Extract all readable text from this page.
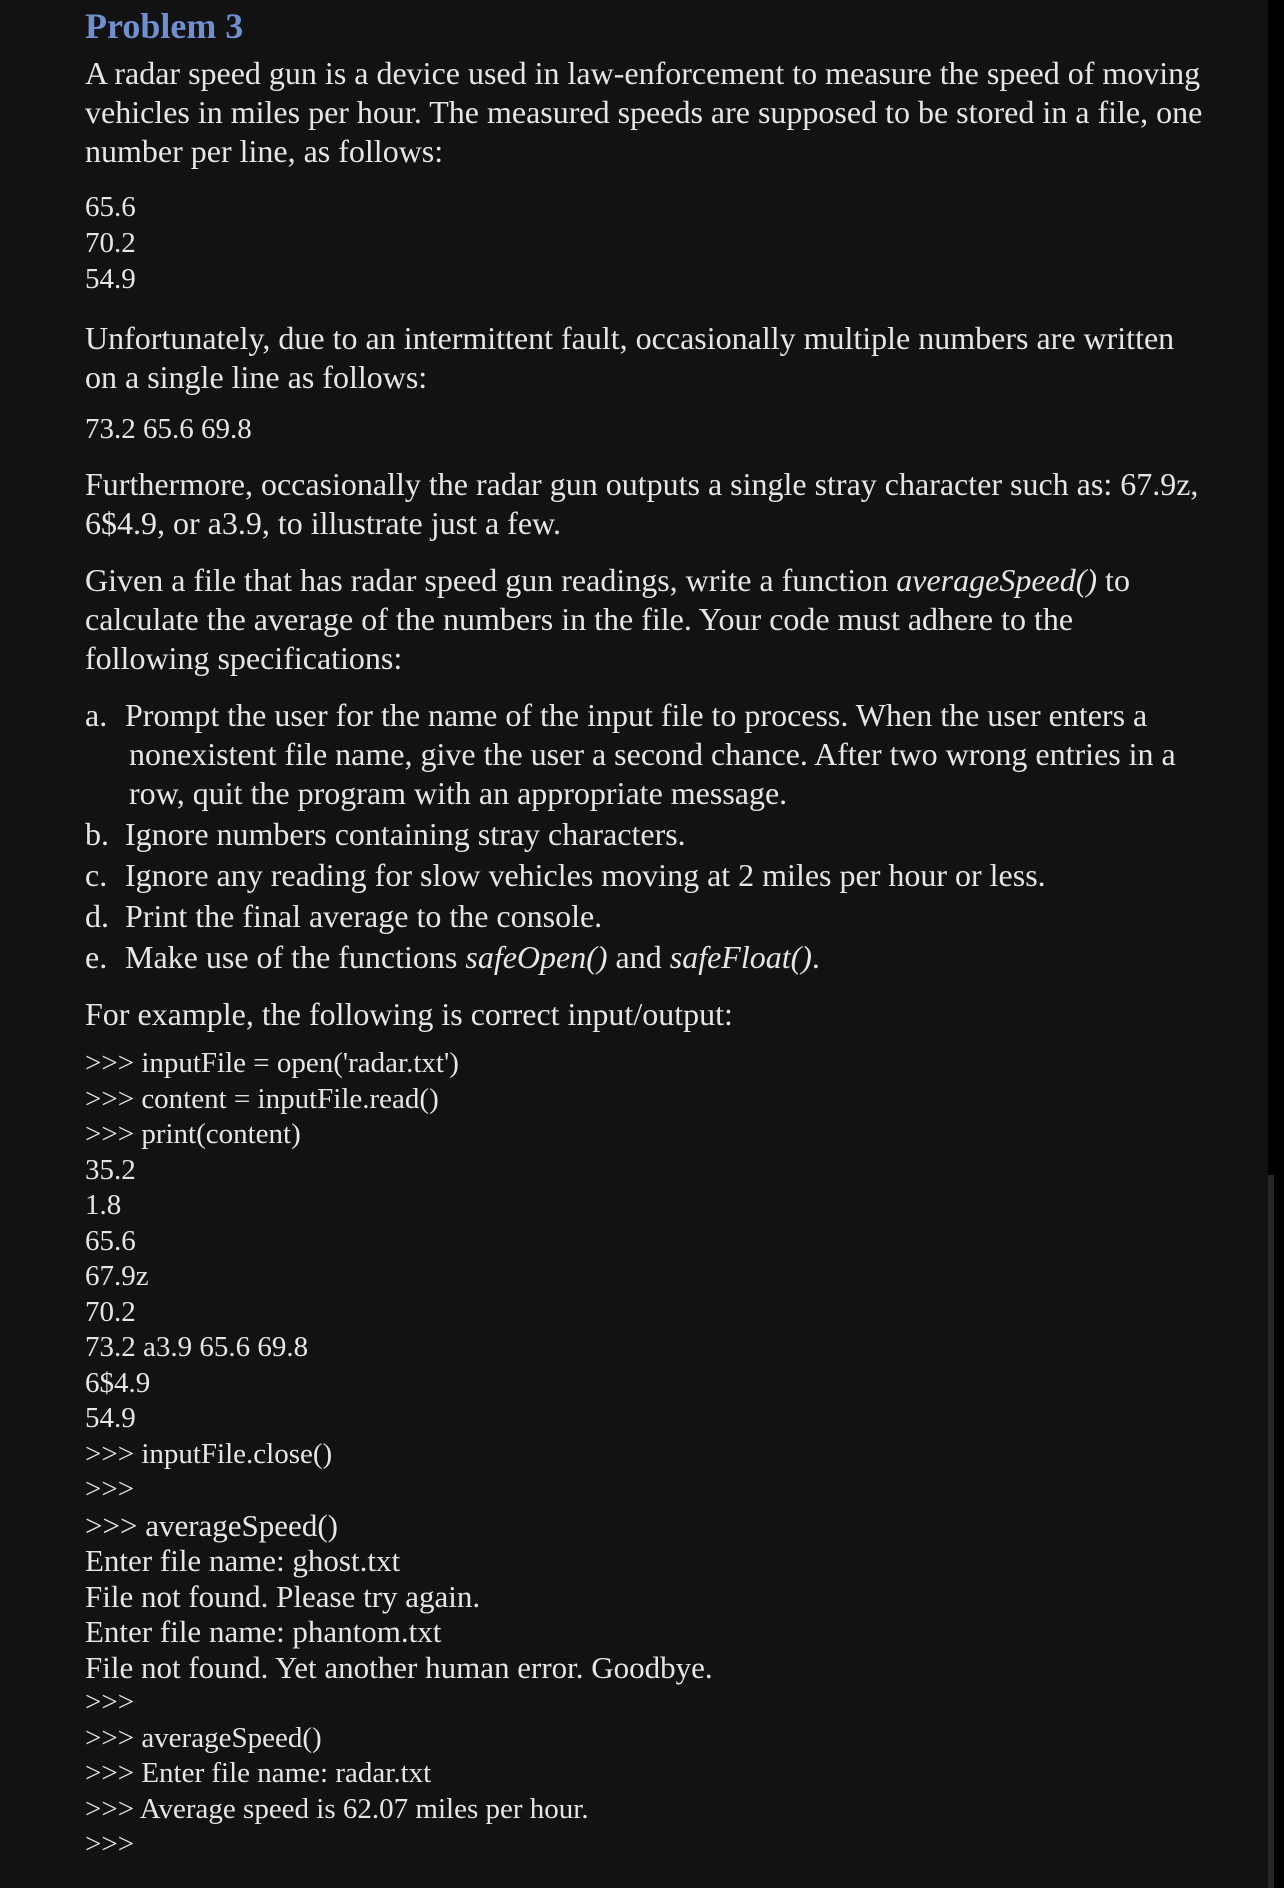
Problem 3

A radar speed gun is a device used in law-enforcement to measure the speed of moving vehicles in miles per hour. The measured speeds are supposed to be stored in a file, one number per line, as follows:

65.6
70.2
54.9

Unfortunately, due to an intermittent fault, occasionally multiple numbers are written on a single line as follows:

73.2 65.6 69.8

Furthermore, occasionally the radar gun outputs a single stray character such as: 67.9z, 6$4.9, or a3.9, to illustrate just a few.

Given a file that has radar speed gun readings, write a function averageSpeed() to calculate the average of the numbers in the file. Your code must adhere to the following specifications:

a. Prompt the user for the name of the input file to process. When the user enters a nonexistent file name, give the user a second chance. After two wrong entries in a row, quit the program with an appropriate message.
b. Ignore numbers containing stray characters.
c. Ignore any reading for slow vehicles moving at 2 miles per hour or less.
d. Print the final average to the console.
e. Make use of the functions safeOpen() and safeFloat().

For example, the following is correct input/output:

>>> inputFile = open('radar.txt')
>>> content = inputFile.read()
>>> print(content)
35.2
1.8
65.6
67.9z
70.2
73.2 a3.9 65.6 69.8
6$4.9
54.9
>>> inputFile.close()
>>>
>>> averageSpeed()
Enter file name: ghost.txt
File not found. Please try again.
Enter file name: phantom.txt
File not found. Yet another human error. Goodbye.
>>>
>>> averageSpeed()
>>> Enter file name: radar.txt
>>> Average speed is 62.07 miles per hour.
>>>
